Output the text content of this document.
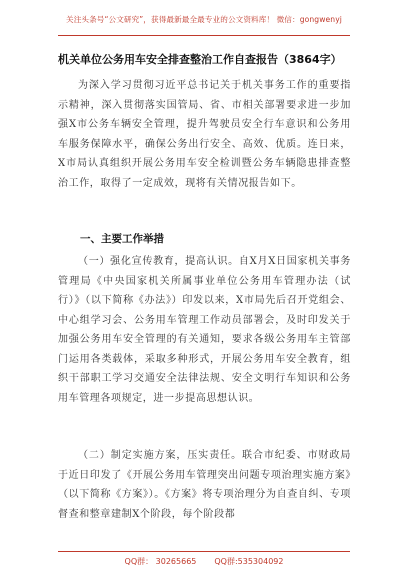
关注头条号“公文研究”，获得最新最全最专业的公文资料库！ 微信：gongwenyj
机关单位公务用车安全排查整治工作自查报告（3864字）

为深入学习贯彻习近平总书记关于机关事务工作的重要指示精神，深入贯彻落实国管局、省、市相关部署要求进一步加强X市公务车辆安全管理，提升驾驶员安全行车意识和公务用车服务保障水平，确保公务出行安全、高效、优质。连日来，X市局认真组织开展公务用车安全检训暨公务车辆隐患排查整治工作，取得了一定成效，现将有关情况报告如下。

一、主要工作举措

（一）强化宣传教育，提高认识。自X月X日国家机关事务管理局《中央国家机关所属事业单位公务用车管理办法（试行）》（以下简称《办法》）印发以来，X市局先后召开党组会、中心组学习会、公务用车管理工作动员部署会，及时印发关于加强公务用车安全管理的有关通知，要求各级公务用车主管部门运用各类载体，采取多种形式，开展公务用车安全教育，组织干部职工学习交通安全法律法规、安全文明行车知识和公务用车管理各项规定，进一步提高思想认识。

（二）制定实施方案，压实责任。联合市纪委、市财政局于近日印发了《开展公务用车管理突出问题专项治理实施方案》（以下简称《方案》）。《方案》将专项治理分为自查自纠、专项督查和整章建制X个阶段，每个阶段都

QQ群： 30265665 QQ群:535304092
